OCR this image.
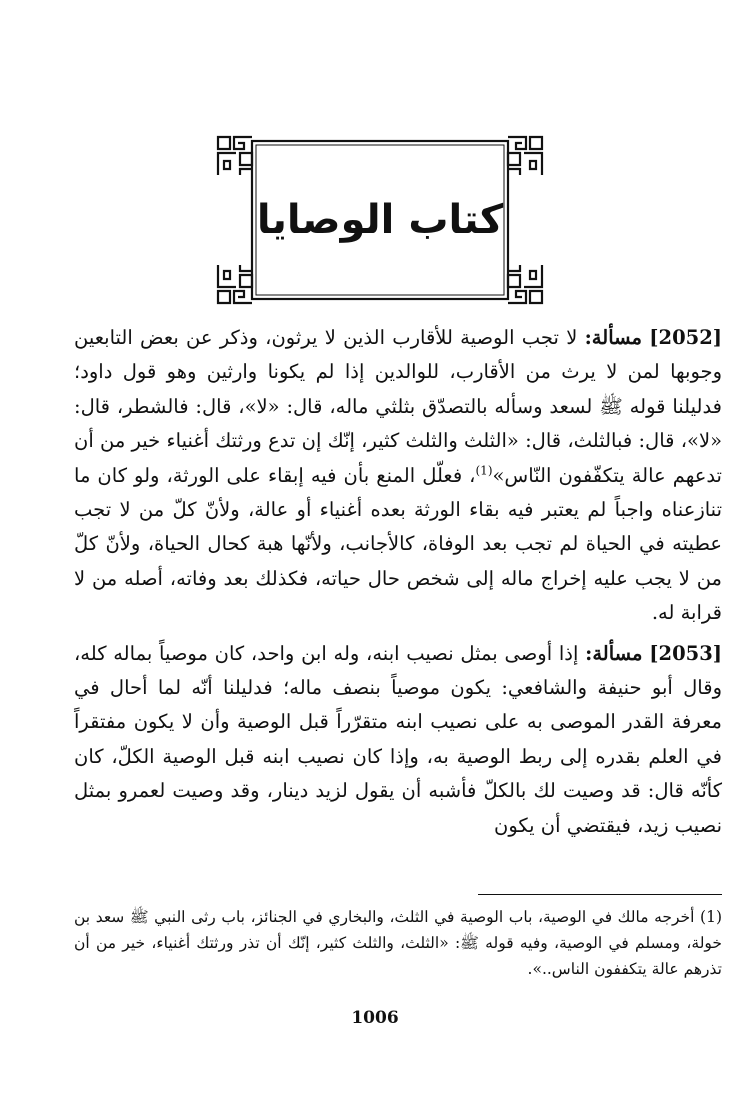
كتاب الوصايا

[2052] مسألة: لا تجب الوصية للأقارب الذين لا يرثون، وذكر عن بعض التابعين وجوبها لمن لا يرث من الأقارب، للوالدين إذا لم يكونا وارثين وهو قول داود؛ فدليلنا قوله ﷺ لسعد وسأله بالتصدّق بثلثي ماله، قال: «لا»، قال: فالشطر، قال: «لا»، قال: فبالثلث، قال: «الثلث والثلث كثير، إنّك إن تدع ورثتك أغنياء خير من أن تدعهم عالة يتكفّفون النّاس»$^{(1)}$، فعلّل المنع بأن فيه إبقاء على الورثة، ولو كان ما تنازعناه واجباً لم يعتبر فيه بقاء الورثة بعده أغنياء أو عالة، ولأنّ كلّ من لا تجب عطيته في الحياة لم تجب بعد الوفاة، كالأجانب، ولأنّها هبة كحال الحياة، ولأنّ كلّ من لا يجب عليه إخراج ماله إلى شخص حال حياته، فكذلك بعد وفاته، أصله من لا قرابة له.

[2053] مسألة: إذا أوصى بمثل نصيب ابنه، وله ابن واحد، كان موصياً بماله كله، وقال أبو حنيفة والشافعي: يكون موصياً بنصف ماله؛ فدليلنا أنّه لما أحال في معرفة القدر الموصى به على نصيب ابنه متقرّراً قبل الوصية وأن لا يكون مفتقراً في العلم بقدره إلى ربط الوصية به، وإذا كان نصيب ابنه قبل الوصية الكلّ، كان كأنّه قال: قد وصيت لك بالكلّ فأشبه أن يقول لزيد دينار، وقد وصيت لعمرو بمثل نصيب زيد، فيقتضي أن يكون

(1) أخرجه مالك في الوصية، باب الوصية في الثلث، والبخاري في الجنائز، باب رثى النبي ﷺ سعد بن خولة، ومسلم في الوصية، وفيه قوله ﷺ: «الثلث، والثلث كثير، إنّك أن تذر ورثتك أغنياء، خير من أن تذرهم عالة يتكففون الناس..».

1006
